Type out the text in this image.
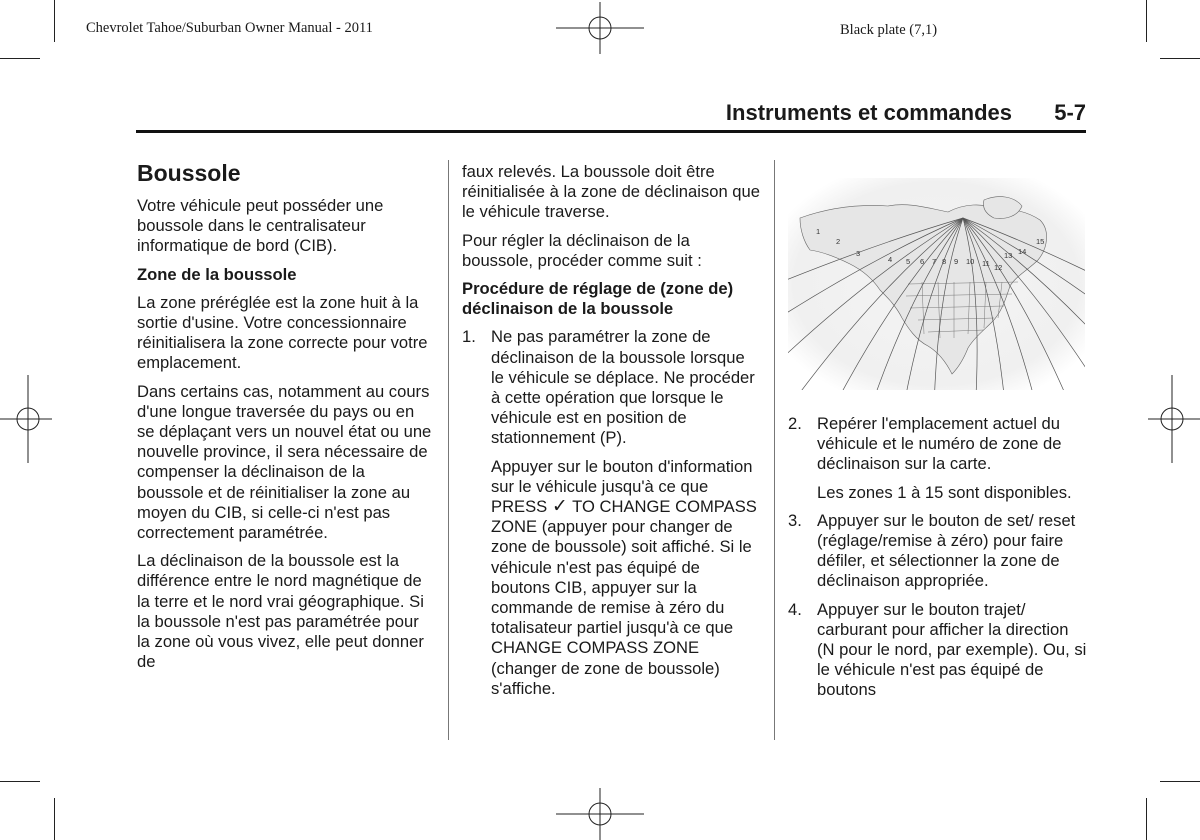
Chevrolet Tahoe/Suburban Owner Manual - 2011	Black plate (7,1)
Instruments et commandes 5-7
Boussole

Votre véhicule peut posséder une boussole dans le centralisateur informatique de bord (CIB).

Zone de la boussole

La zone préréglée est la zone huit à la sortie d'usine. Votre concessionnaire réinitialisera la zone correcte pour votre emplacement.

Dans certains cas, notamment au cours d'une longue traversée du pays ou en se déplaçant vers un nouvel état ou une nouvelle province, il sera nécessaire de compenser la déclinaison de la boussole et de réinitialiser la zone au moyen du CIB, si celle-ci n'est pas correctement paramétrée.

La déclinaison de la boussole est la différence entre le nord magnétique de la terre et le nord vrai géographique. Si la boussole n'est pas paramétrée pour la zone où vous vivez, elle peut donner de

faux relevés. La boussole doit être réinitialisée à la zone de déclinaison que le véhicule traverse.

Pour régler la déclinaison de la boussole, procéder comme suit :

Procédure de réglage de (zone de) déclinaison de la boussole

1. Ne pas paramétrer la zone de déclinaison de la boussole lorsque le véhicule se déplace. Ne procéder à cette opération que lorsque le véhicule est en position de stationnement (P).

Appuyer sur le bouton d'information sur le véhicule jusqu'à ce que PRESS ✓ TO CHANGE COMPASS ZONE (appuyer pour changer de zone de boussole) soit affiché. Si le véhicule n'est pas équipé de boutons CIB, appuyer sur la commande de remise à zéro du totalisateur partiel jusqu'à ce que CHANGE COMPASS ZONE (changer de zone de boussole) s'affiche.

1
2
3
4 5 6 7 8 9 10 11 12
13 14
15
2. Repérer l'emplacement actuel du véhicule et le numéro de zone de déclinaison sur la carte.

Les zones 1 à 15 sont disponibles.

3. Appuyer sur le bouton de set/ reset (réglage/remise à zéro) pour faire défiler, et sélectionner la zone de déclinaison appropriée.

4. Appuyer sur le bouton trajet/ carburant pour afficher la direction (N pour le nord, par exemple). Ou, si le véhicule n'est pas équipé de boutons
